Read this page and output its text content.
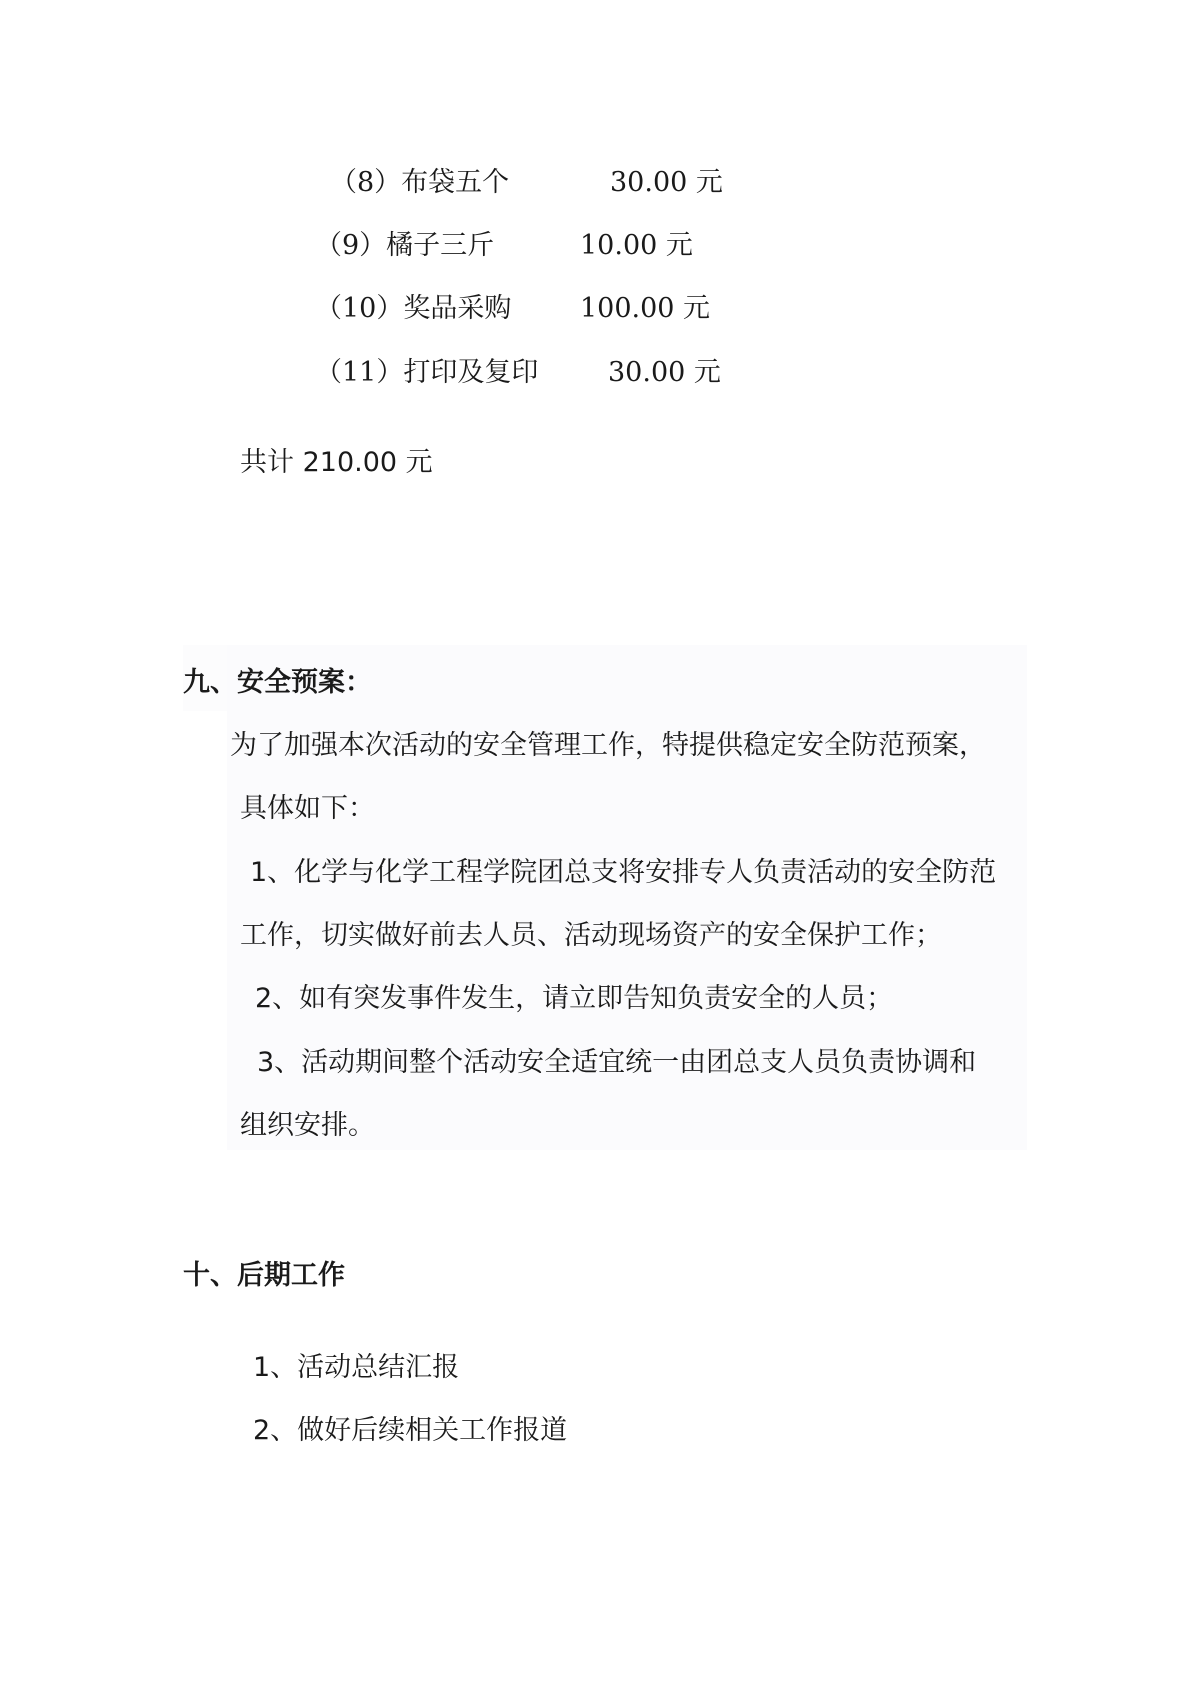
（8）布袋五个	30.00 元
（9）橘子三斤	10.00 元
（10）奖品采购	100.00 元
（11）打印及复印	30.00 元
共计 210.00 元
九、安全预案：
为了加强本次活动的安全管理工作，特提供稳定安全防范预案，
具体如下：
1、化学与化学工程学院团总支将安排专人负责活动的安全防范
工作，切实做好前去人员、活动现场资产的安全保护工作；
2、如有突发事件发生，请立即告知负责安全的人员；
3、活动期间整个活动安全适宜统一由团总支人员负责协调和
组织安排。
十、后期工作
1、活动总结汇报
2、做好后续相关工作报道
